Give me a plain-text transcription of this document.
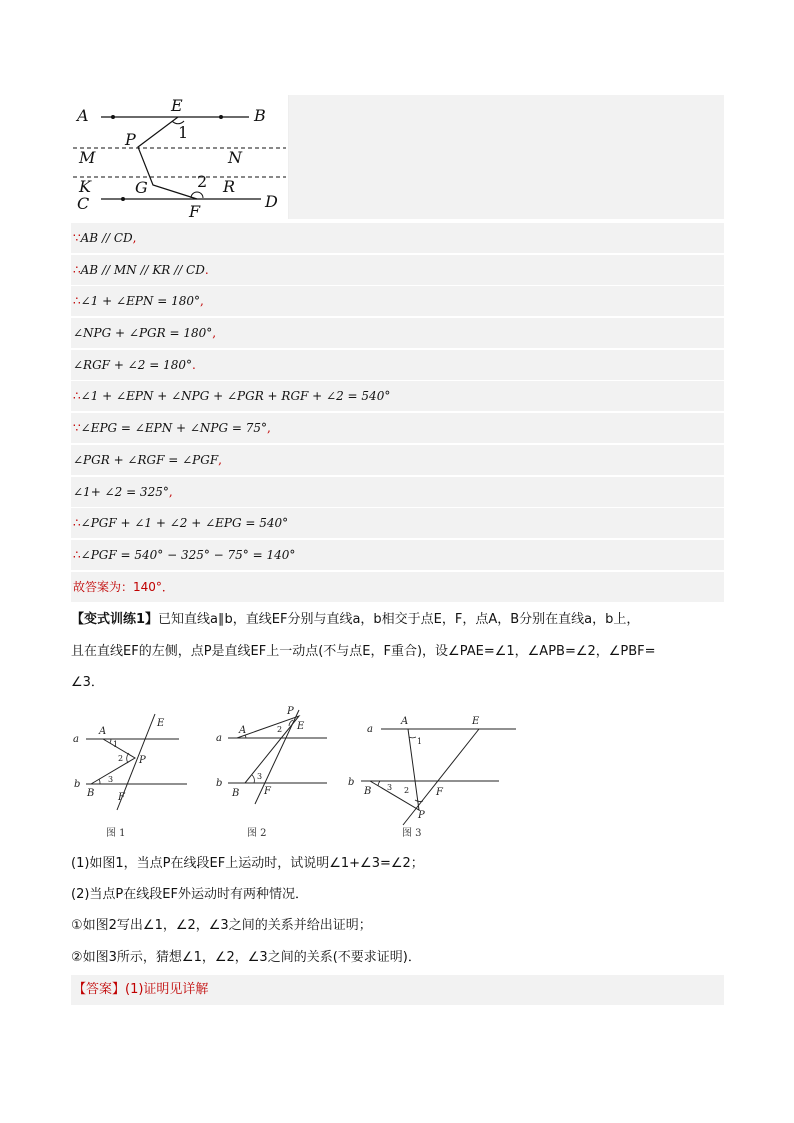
A
E
B
P	1
M	N
K	G	2 R
C	F
D
∵AB // CD,
∴AB // MN // KR // CD.
∴∠1 + ∠EPN = 180°,
∠NPG + ∠PGR = 180°,
∠RGF + ∠2 = 180°.
∴∠1 + ∠EPN + ∠NPG + ∠PGR + RGF + ∠2 = 540°
∵∠EPG = ∠EPN + ∠NPG = 75°,
∠PGR + ∠RGF = ∠PGF,
∠1+ ∠2 = 325°,
∴∠PGF + ∠1 + ∠2 + ∠EPG = 540°
∴∠PGF = 540° − 325° − 75° = 140°
故答案为：140°．
【变式训练1】已知直线a∥b，直线EF分别与直线a，b相交于点E，F，点A，B分别在直线a，b上，
且在直线EF的左侧，点P是直线EF上一动点(不与点E，F重合)，设∠PAE=∠1，∠APB=∠2，∠PBF=
∠3．
a
b
A
E
P
B F
1
2
3
图 1
a
b
A
P
E
B F
2
3
图 2
a
b
A	E
B	F
P
1
2
3
图 3
(1)如图1，当点P在线段EF上运动时，试说明∠1+∠3=∠2；
(2)当点P在线段EF外运动时有两种情况．
①如图2写出∠1，∠2，∠3之间的关系并给出证明；
②如图3所示，猜想∠1，∠2，∠3之间的关系(不要求证明)．
【答案】(1)证明见详解
